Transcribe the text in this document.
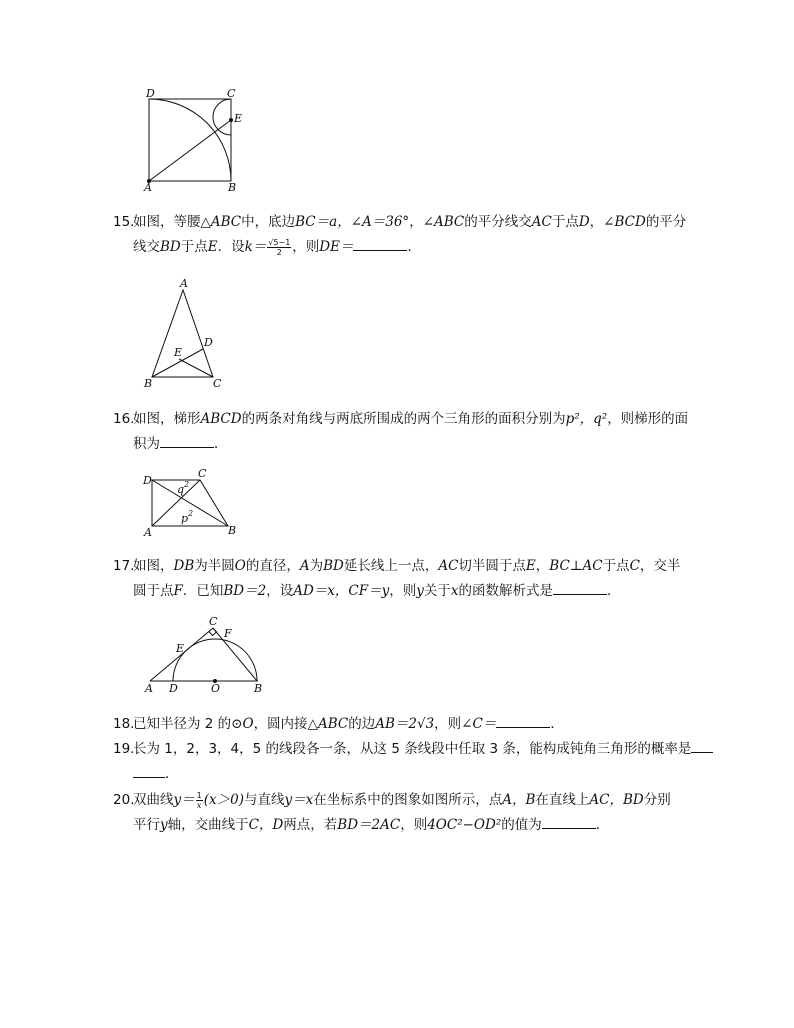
D	C
E
A	B
15.如图，等腰△ABC中，底边BC＝a，∠A＝36°，∠ABC的平分线交AC于点D，∠BCD的平分
线交BD于点E．设$k= \frac{√5-1}{2}$ ，则DE＝	．
A
D
E
B	C
16.如图，梯形ABCD的两条对角线与两底所围成的两个三角形的面积分别为p²，q²，则梯形的面
积为	．
D
C
q 2
p 2
A	B
17.如图，DB为半圆O的直径，A为BD延长线上一点，AC切半圆于点E，BC⊥AC于点C，交半
圆于点F．已知BD＝2，设AD＝x，CF＝y，则y关于x的函数解析式是	．
C
F
E
A D	O	B
18.已知半径为 2 的⊙O，圆内接△ABC的边AB＝2√3，则∠C＝	．
19.长为 1，2，3，4，5 的线段各一条，从这 5 条线段中任取 3 条，能构成钝角三角形的概率是
．
20.双曲线$y= \frac{1}{x} (x>0)$与直线y＝x在坐标系中的图象如图所示，点A，B在直线上AC，BD分别
平行y轴，交曲线于C，D两点，若BD＝2AC，则4OC²−OD²的值为	．
